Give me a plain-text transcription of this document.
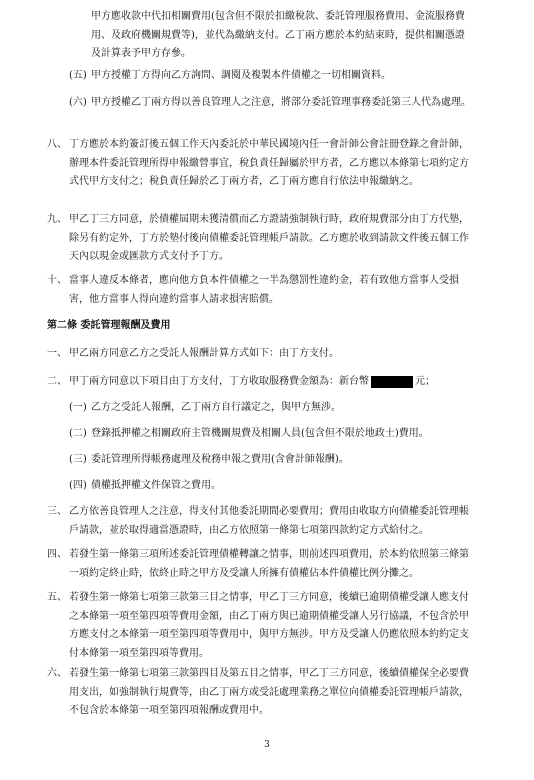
甲方應收款中代扣相關費用(包含但不限於扣繳稅款、委託管理服務費用、金流服務費用、及政府機關規費等)，並代為繳納支付。乙丁兩方應於本約結束時，提供相關憑證及計算表予甲方存參。
(五) 甲方授權丁方得向乙方詢問、調閱及複製本件債權之一切相關資料。
(六) 甲方授權乙丁兩方得以善良管理人之注意，將部分委託管理事務委託第三人代為處理。
八、 丁方應於本約簽訂後五個工作天內委託於中華民國境內任一會計師公會註冊登錄之會計師，辦理本件委託管理所得申報繳營事宜，稅負責任歸屬於甲方者，乙方應以本條第七項約定方式代甲方支付之；稅負責任歸於乙丁兩方者，乙丁兩方應自行依法申報繳納之。
九、 甲乙丁三方同意，於債權屆期未獲清償而乙方證請強制執行時，政府規費部分由丁方代墊，除另有約定外，丁方於墊付後向債權委託管理帳戶請款。乙方應於收到請款文件後五個工作天內以現金或匯款方式支付予丁方。
十、 當事人違反本條者，應向他方負本件債權之一半為懲罰性違約金，若有致他方當事人受損害，他方當事人得向違約當事人請求損害賠償。
第二條 委託管理報酬及費用
一、 甲乙兩方同意乙方之受託人報酬計算方式如下：由丁方支付。
二、 甲丁兩方同意以下項目由丁方支付，丁方收取服務費金額為：新台幣	元；
(一) 乙方之受託人報酬，乙丁兩方自行議定之，與甲方無涉。
(二) 登錄抵押權之相關政府主管機關規費及相關人員(包含但不限於地政士)費用。
(三) 委託管理所得帳務處理及稅務申報之費用(含會計師報酬)。
(四) 債權抵押權文件保管之費用。
三、 乙方依善良管理人之注意，得支付其他委託期間必要費用；費用由收取方向債權委託管理帳戶請款，並於取得適當憑證時，由乙方依照第一條第七項第四款約定方式給付之。
四、 若發生第一條第三項所述委託管理債權轉讓之情事，則前述四項費用，於本約依照第三條第一項約定終止時，依終止時之甲方及受讓人所擁有債權佔本件債權比例分攤之。
五、 若發生第一條第七項第三款第三目之情事，甲乙丁三方同意，後續已逾期債權受讓人應支付之本條第一項至第四項等費用金額，由乙丁兩方與已逾期債權受讓人另行協議，不包含於甲方應支付之本條第一項至第四項等費用中，與甲方無涉。甲方及受讓人仍應依照本約約定支付本條第一項至第四項等費用。
六、 若發生第一條第七項第三款第四目及第五目之情事，甲乙丁三方同意，後續債權保全必要費用支出，如強制執行規費等，由乙丁兩方或受託處理業務之單位向債權委託管理帳戶請款，不包含於本條第一項至第四項報酬或費用中。
3
